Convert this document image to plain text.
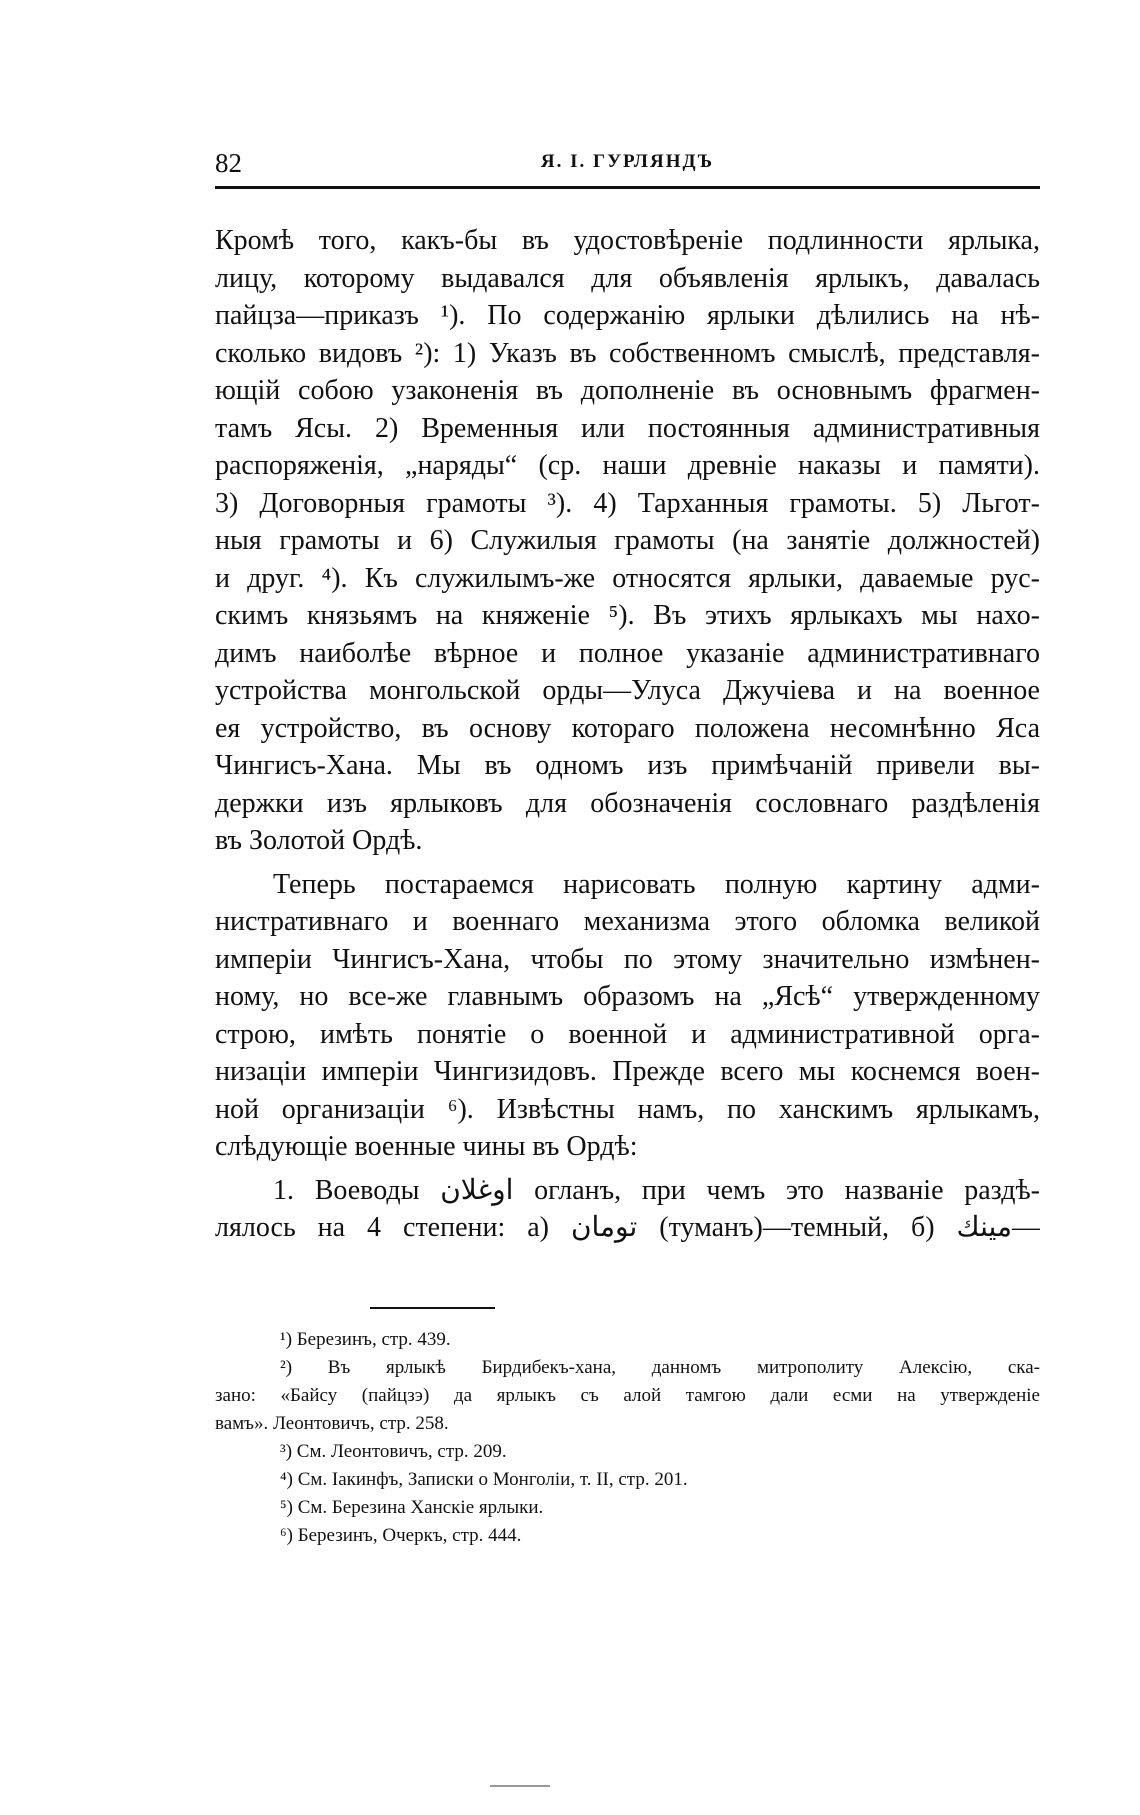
82	Я. І. ГУРЛЯНДЪ
Кромѣ того, какъ-бы въ удостовѣреніе подлинности ярлыка,
лицу, которому выдавался для объявленія ярлыкъ, давалась
пайцза—приказъ ¹). По содержанію ярлыки дѣлились на нѣ-
сколько видовъ ²): 1) Указъ въ собственномъ смыслѣ, представля-
ющій собою узаконенія въ дополненіе въ основнымъ фрагмен-
тамъ Ясы. 2) Временныя или постоянныя административныя
распоряженія, „наряды“ (ср. наши древніе наказы и памяти).
3) Договорныя грамоты ³). 4) Тарханныя грамоты. 5) Льгот-
ныя грамоты и 6) Служилыя грамоты (на занятіе должностей)
и друг. ⁴). Къ служилымъ-же относятся ярлыки, даваемые рус-
скимъ князьямъ на княженіе ⁵). Въ этихъ ярлыкахъ мы нахо-
димъ наиболѣе вѣрное и полное указаніе административнаго
устройства монгольской орды—Улуса Джучіева и на военное
ея устройство, въ основу котораго положена несомнѣнно Яса
Чингисъ-Хана. Мы въ одномъ изъ примѣчаній привели вы-
держки изъ ярлыковъ для обозначенія сословнаго раздѣленія
въ Золотой Ордѣ.
Теперь постараемся нарисовать полную картину адми-
нистративнаго и военнаго механизма этого обломка великой
имперіи Чингисъ-Хана, чтобы по этому значительно измѣнен-
ному, но все-же главнымъ образомъ на „Ясѣ“ утвержденному
строю, имѣть понятіе о военной и административной орга-
низаціи имперіи Чингизидовъ. Прежде всего мы коснемся воен-
ной организаціи ⁶). Извѣстны намъ, по ханскимъ ярлыкамъ,
слѣдующіе военные чины въ Ордѣ:
1. Воеводы اوغلان огланъ, при чемъ это названіе раздѣ-
лялось на 4 степени: а) تومان (туманъ)—темный, б) مينك—
¹) Березинъ, стр. 439.
²) Въ ярлыкѣ Бирдибекъ-хана, данномъ митрополиту Алексію, ска-
зано: «Байсу (пайцзэ) да ярлыкъ съ алой тамгою дали есми на утвержденіе
вамъ». Леонтовичъ, стр. 258.
³) См. Леонтовичъ, стр. 209.
⁴) См. Іакинфъ, Записки о Монголіи, т. II, стр. 201.
⁵) См. Березина Ханскіе ярлыки.
⁶) Березинъ, Очеркъ, стр. 444.
